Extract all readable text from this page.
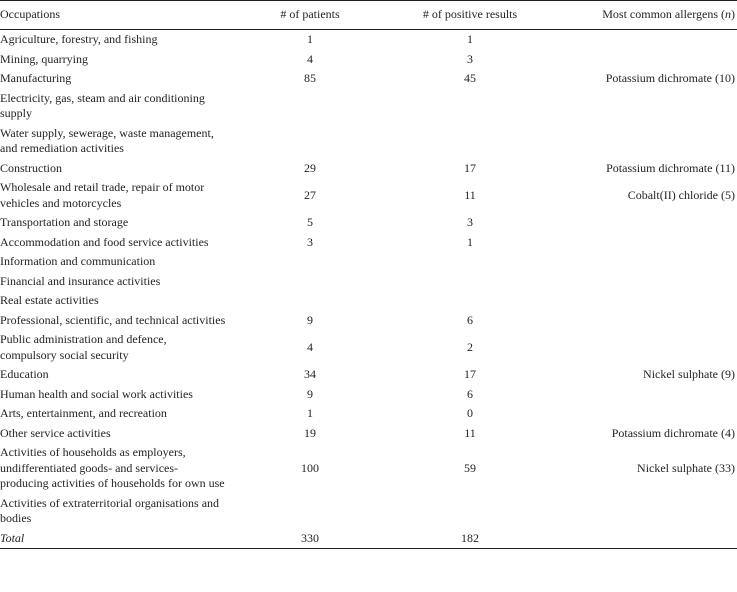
Occupations	# of patients	# of positive results	Most common allergens (n)
Agriculture, forestry, and fishing	1	1	
Mining, quarrying	4	3	
Manufacturing	85	45	Potassium dichromate (10)
Electricity, gas, steam and air conditioning supply			
Water supply, sewerage, waste management, and remediation activities			
Construction	29	17	Potassium dichromate (11)
Wholesale and retail trade, repair of motor vehicles and motorcycles	27	11	Cobalt(II) chloride (5)
Transportation and storage	5	3	
Accommodation and food service activities	3	1	
Information and communication			
Financial and insurance activities			
Real estate activities			
Professional, scientific, and technical activities	9	6	
Public administration and defence, compulsory social security	4	2	
Education	34	17	Nickel sulphate (9)
Human health and social work activities	9	6	
Arts, entertainment, and recreation	1	0	
Other service activities	19	11	Potassium dichromate (4)
Activities of households as employers, undifferentiated goods- and services-producing activities of households for own use	100	59	Nickel sulphate (33)
Activities of extraterritorial organisations and bodies			
Total	330	182	
